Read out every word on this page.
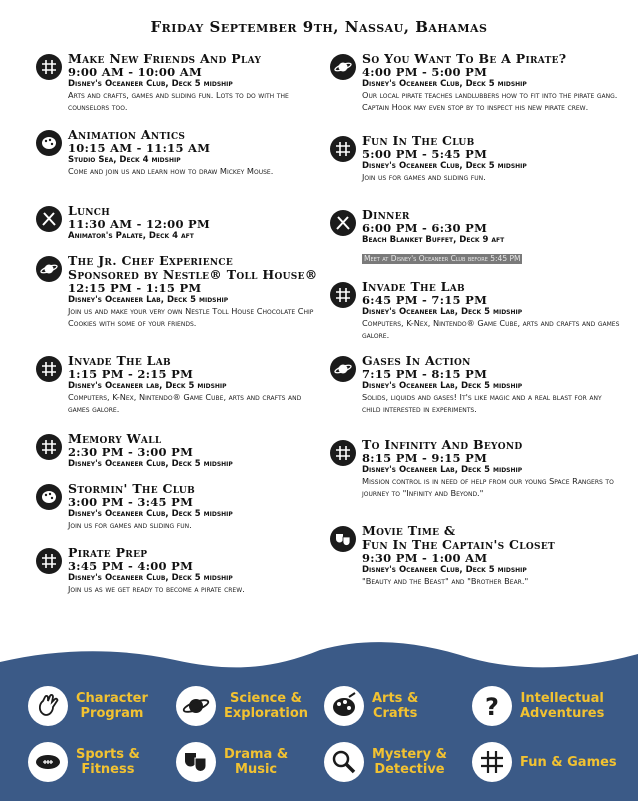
Friday September 9th, Nassau, Bahamas
Make New Friends And Play
9:00 AM - 10:00 AM
Disney's Oceaneer Club, Deck 5 midship
Arts and crafts, games and sliding fun. Lots to do with the counselors too.
Animation Antics
10:15 AM - 11:15 AM
Studio Sea, Deck 4 midship
Come and join us and learn how to draw Mickey Mouse.
Lunch
11:30 AM - 12:00 PM
Animator's Palate, Deck 4 aft
The Jr. Chef Experience
Sponsored by Nestle® Toll House®
12:15 PM - 1:15 PM
Disney's Oceaneer Lab, Deck 5 midship
Join us and make your very own Nestle Toll House Chocolate Chip Cookies with some of your friends.
Invade The Lab
1:15 PM - 2:15 PM
Disney's Oceaneer lab, Deck 5 midship
Computers, K-Nex, Nintendo® Game Cube, arts and crafts and games galore.
Memory Wall
2:30 PM - 3:00 PM
Disney's Oceaneer Club, Deck 5 midship
Stormin' The Club
3:00 PM - 3:45 PM
Disney's Oceaneer Club, Deck 5 midship
Join us for games and sliding fun.
Pirate Prep
3:45 PM - 4:00 PM
Disney's Oceaneer Club, Deck 5 midship
Join us as we get ready to become a pirate crew.
So You Want To Be A Pirate?
4:00 PM - 5:00 PM
Disney's Oceaneer Club, Deck 5 midship
Our local pirate teaches landlubbers how to fit into the pirate gang. Captain Hook may even stop by to inspect his new pirate crew.
Fun In The Club
5:00 PM - 5:45 PM
Disney's Oceaneer Club, Deck 5 midship
Join us for games and sliding fun.
Dinner
6:00 PM - 6:30 PM
Beach Blanket Buffet, Deck 9 aft
Meet at Disney's Oceaneer Club before 5:45 PM
Invade The Lab
6:45 PM - 7:15 PM
Disney's Oceaneer Lab, Deck 5 midship
Computers, K-Nex, Nintendo® Game Cube, arts and crafts and games galore.
Gases In Action
7:15 PM - 8:15 PM
Disney's Oceaneer Lab, Deck 5 midship
Solids, liquids and gases! It's like magic and a real blast for any child interested in experiments.
To Infinity And Beyond
8:15 PM - 9:15 PM
Disney's Oceaneer Lab, Deck 5 midship
Mission control is in need of help from our young Space Rangers to journey to "Infinity and Beyond."
Movie Time &
Fun In The Captain's Closet
9:30 PM - 1:00 AM
Disney's Oceaneer Club, Deck 5 midship
"Beauty and the Beast" and "Brother Bear."
Character
Program
Science &
Exploration
Arts &
Crafts	? Intellectual
Adventures
Sports &
Fitness
Drama &
Music
Mystery &
Detective	Fun & Games
